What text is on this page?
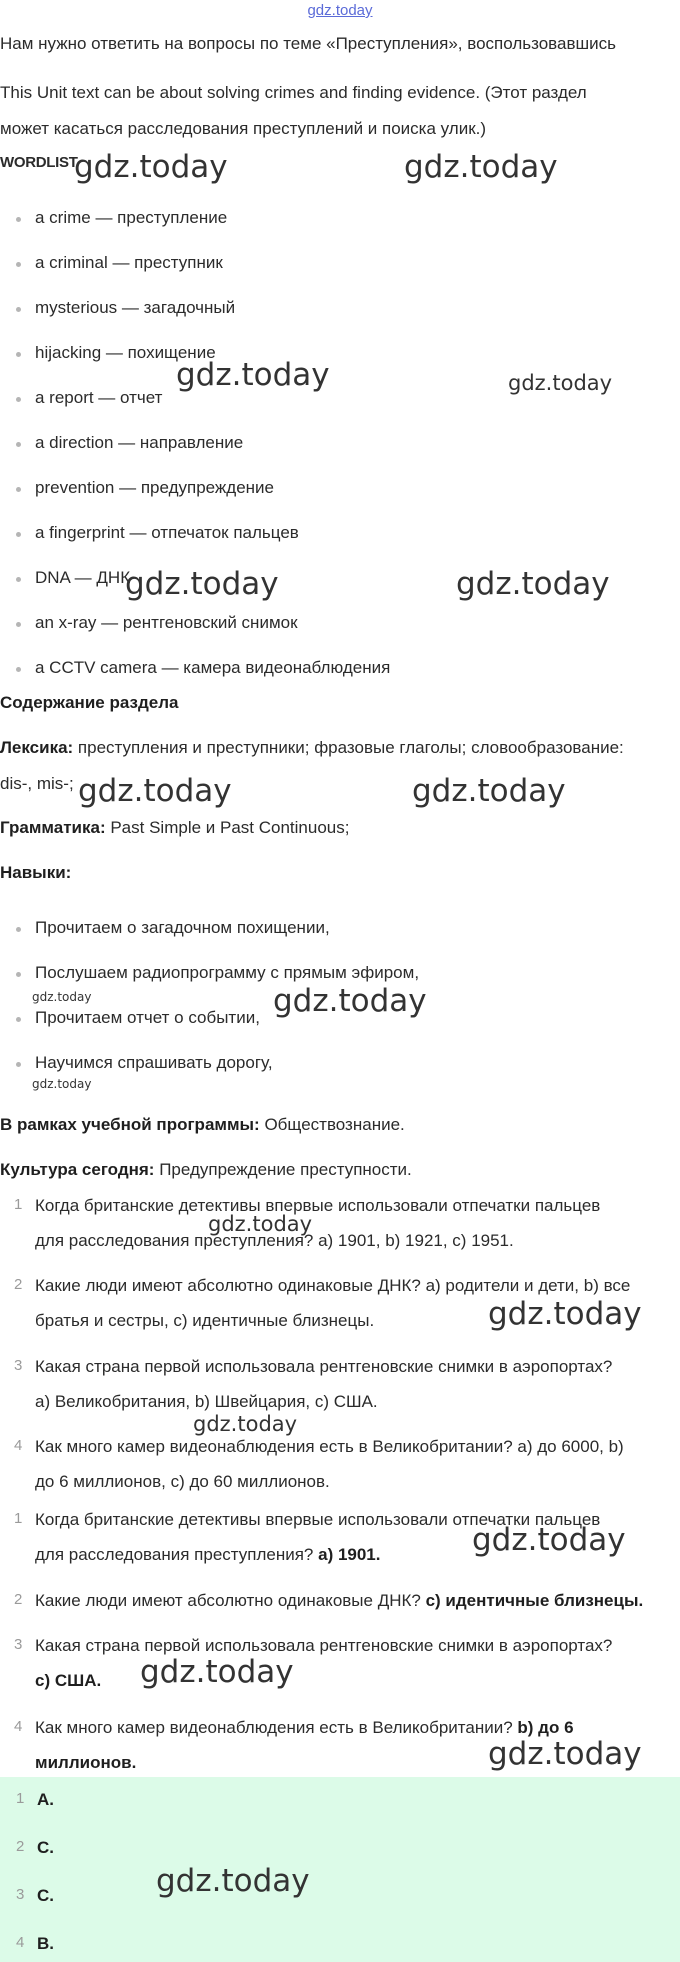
gdz.today
Нам нужно ответить на вопросы по теме «Преступления», воспользовавшись
This Unit text can be about solving crimes and finding evidence. (Этот раздел
может касаться расследования преступлений и поиска улик.)
WORDLIST
a crime — преступление
a criminal — преступник
mysterious — загадочный
hijacking — похищение
a report — отчет
a direction — направление
prevention — предупреждение
a fingerprint — отпечаток пальцев
DNA — ДНК
an x-ray — рентгеновский снимок
a CCTV camera — камера видеонаблюдения
Содержание раздела
Лексика: преступления и преступники; фразовые глаголы; словообразование:
dis-, mis-;
Грамматика: Past Simple и Past Continuous;
Навыки:
Прочитаем о загадочном похищении,
Послушаем радиопрограмму с прямым эфиром,
Прочитаем отчет о событии,
Научимся спрашивать дорогу,
В рамках учебной программы: Обществознание.
Культура сегодня: Предупреждение преступности.
1 Когда британские детективы впервые использовали отпечатки пальцев
для расследования преступления? a) 1901, b) 1921, c) 1951.
2 Какие люди имеют абсолютно одинаковые ДНК? a) родители и дети, b) все
братья и сестры, c) идентичные близнецы.
3 Какая страна первой использовала рентгеновские снимки в аэропортах?
a) Великобритания, b) Швейцария, c) США.
4 Как много камер видеонаблюдения есть в Великобритании? a) до 6000, b)
до 6 миллионов, c) до 60 миллионов.
1 Когда британские детективы впервые использовали отпечатки пальцев
для расследования преступления? a) 1901.
2 Какие люди имеют абсолютно одинаковые ДНК? c) идентичные близнецы.
3 Какая страна первой использовала рентгеновские снимки в аэропортах?
c) США.
4 Как много камер видеонаблюдения есть в Великобритании? b) до 6
миллионов.
1 A.
2 C.
3 C.
4 B.
gdz.today	gdz.today
gdz.today	gdz.today
gdz.today	gdz.today
gdz.today	gdz.today
gdz.today	gdz.today
gdz.today
gdz.today
gdz.today
gdz.today
gdz.today
gdz.today
gdz.today
gdz.today
